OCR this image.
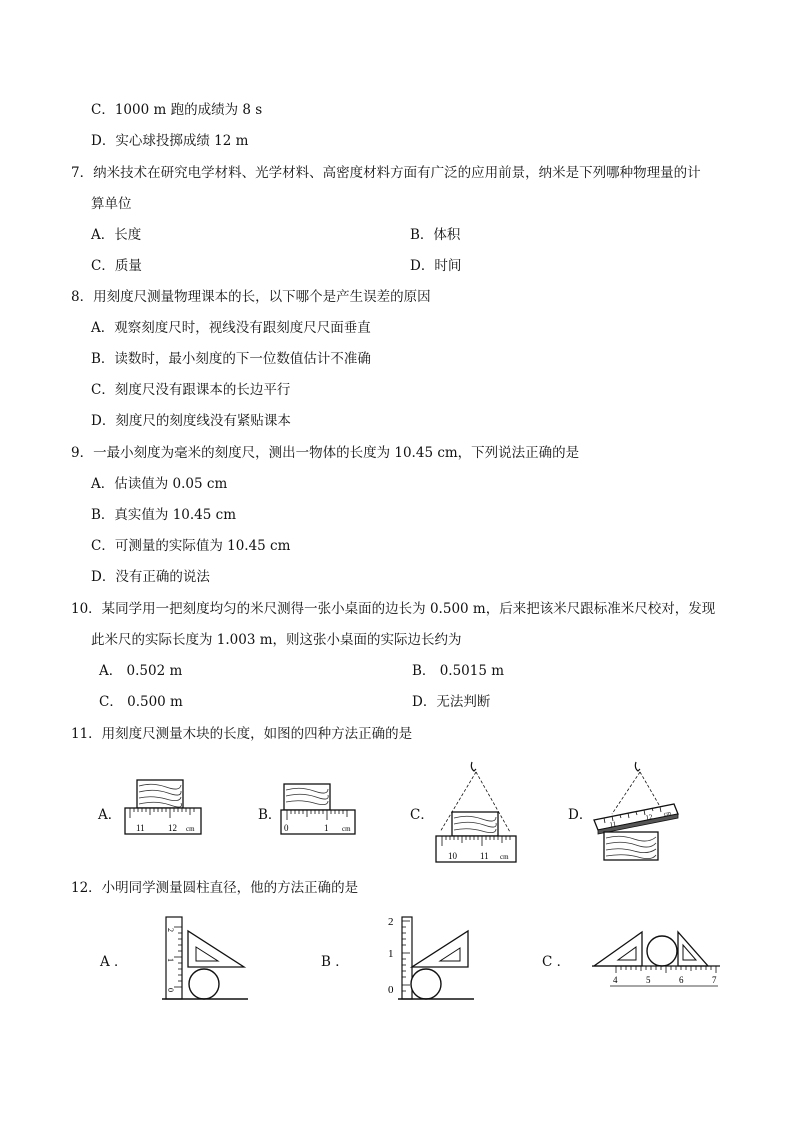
C．1000 m 跑的成绩为 8 s
D．实心球投掷成绩 12 m
7．纳米技术在研究电学材料、光学材料、高密度材料方面有广泛的应用前景，纳米是下列哪种物理量的计
算单位
A．长度	B．体积
C．质量	D．时间
8．用刻度尺测量物理课本的长，以下哪个是产生误差的原因
A．观察刻度尺时，视线没有跟刻度尺尺面垂直
B．读数时，最小刻度的下一位数值估计不准确
C．刻度尺没有跟课本的长边平行
D．刻度尺的刻度线没有紧贴课本
9．一最小刻度为毫米的刻度尺，测出一物体的长度为 10.45 cm，下列说法正确的是
A．估读值为 0.05 cm
B．真实值为 10.45 cm
C．可测量的实际值为 10.45 cm
D．没有正确的说法
10．某同学用一把刻度均匀的米尺测得一张小桌面的边长为 0.500 m，后来把该米尺跟标准米尺校对，发现
此米尺的实际长度为 1.003 m，则这张小桌面的实际边长约为
A． 0.502 m	B． 0.5015 m
C． 0.500 m	D．无法判断
11．用刻度尺测量木块的长度，如图的四种方法正确的是
A．
11	12 cm
B．
0	1 cm
C．
10	11 cm
D．
11
12 cm
12．小明同学测量圆柱直径，他的方法正确的是
A ．
2
1
0
B ．
2
1
0
C ．
4	5	6	7
